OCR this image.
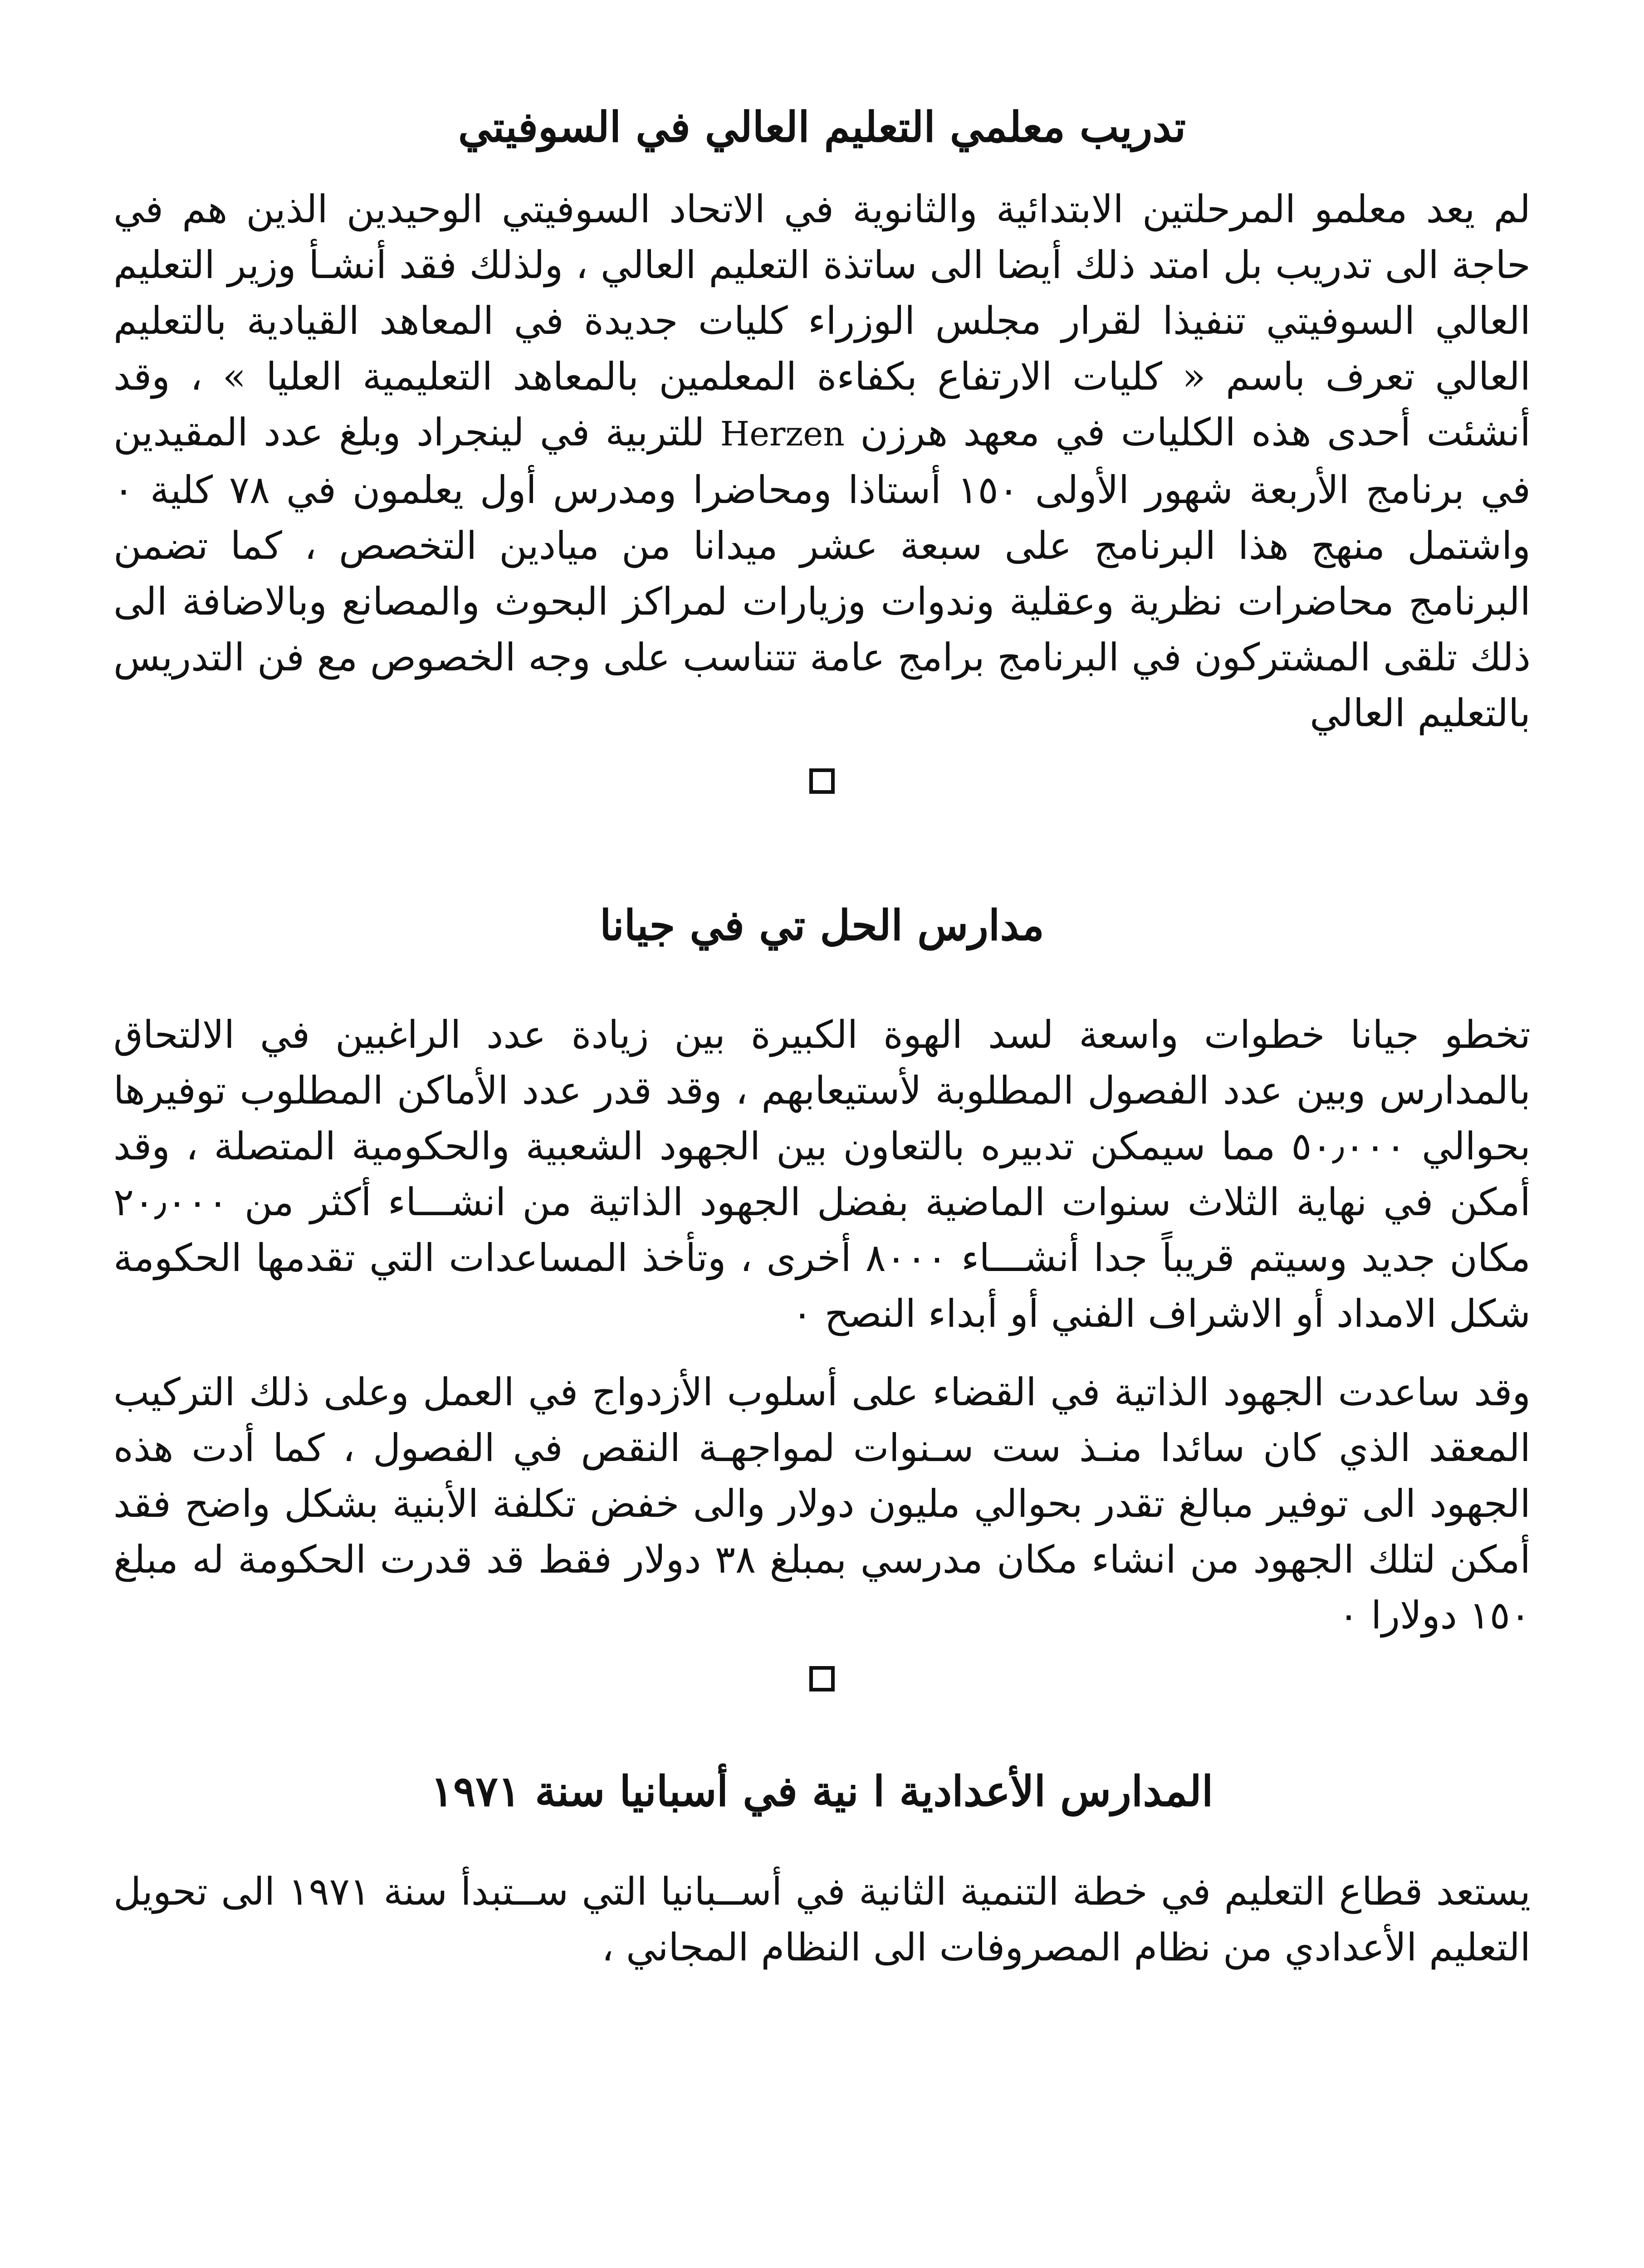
تدريب معلمي التعليم العالي في السوفيتي

لم يعد معلمو المرحلتين الابتدائية والثانوية في الاتحاد السوفيتي الوحيدين الذين هم في حاجة الى تدريب بل امتد ذلك أيضا الى ساتذة التعليم العالي ، ولذلك فقد أنشـأ وزير التعليم العالي السوفيتي تنفيذا لقرار مجلس الوزراء كليات جديدة في المعاهد القيادية بالتعليم العالي تعرف باسم « كليات الارتفاع بكفاءة المعلمين بالمعاهد التعليمية العليا » ، وقد أنشئت أحدى هذه الكليات في معهد هرزن Herzen للتربية في لينجراد وبلغ عدد المقيدين في برنامج الأربعة شهور الأولى ١٥٠ أستاذا ومحاضرا ومدرس أول يعلمون في ٧٨ كلية ٠ واشتمل منهج هذا البرنامج على سبعة عشر ميدانا من ميادين التخصص ، كما تضمن البرنامج محاضرات نظرية وعقلية وندوات وزيارات لمراكز البحوث والمصانع وبالاضافة الى ذلك تلقى المشتركون في البرنامج برامج عامة تتناسب على وجه الخصوص مع فن التدريس بالتعليم العالي

مدارس الحل تي في جيانا

تخطو جيانا خطوات واسعة لسد الهوة الكبيرة بين زيادة عدد الراغبين في الالتحاق بالمدارس وبين عدد الفصول المطلوبة لأستيعابهم ، وقد قدر عدد الأماكن المطلوب توفيرها بحوالي ٥٠٫٠٠٠ مما سيمكن تدبيره بالتعاون بين الجهود الشعبية والحكومية المتصلة ، وقد أمكن في نهاية الثلاث سنوات الماضية بفضل الجهود الذاتية من انشـــاء أكثر من ٢٠٫٠٠٠ مكان جديد وسيتم قريباً جدا أنشـــاء ٨٠٠٠ أخرى ، وتأخذ المساعدات التي تقدمها الحكومة شكل الامداد أو الاشراف الفني أو أبداء النصح ٠

وقد ساعدت الجهود الذاتية في القضاء على أسلوب الأزدواج في العمل وعلى ذلك التركيب المعقد الذي كان سائدا منـذ ست سـنوات لمواجهـة النقص في الفصول ، كما أدت هذه الجهود الى توفير مبالغ تقدر بحوالي مليون دولار والى خفض تكلفة الأبنية بشكل واضح فقد أمكن لتلك الجهود من انشاء مكان مدرسي بمبلغ ٣٨ دولار فقط قد قدرت الحكومة له مبلغ ١٥٠ دولارا ٠

المدارس الأعدادية ا نية في أسبانيا سنة ١٩٧١

يستعد قطاع التعليم في خطة التنمية الثانية في أســبانيا التي ســتبدأ سنة ١٩٧١ الى تحويل التعليم الأعدادي من نظام المصروفات الى النظام المجاني ،
